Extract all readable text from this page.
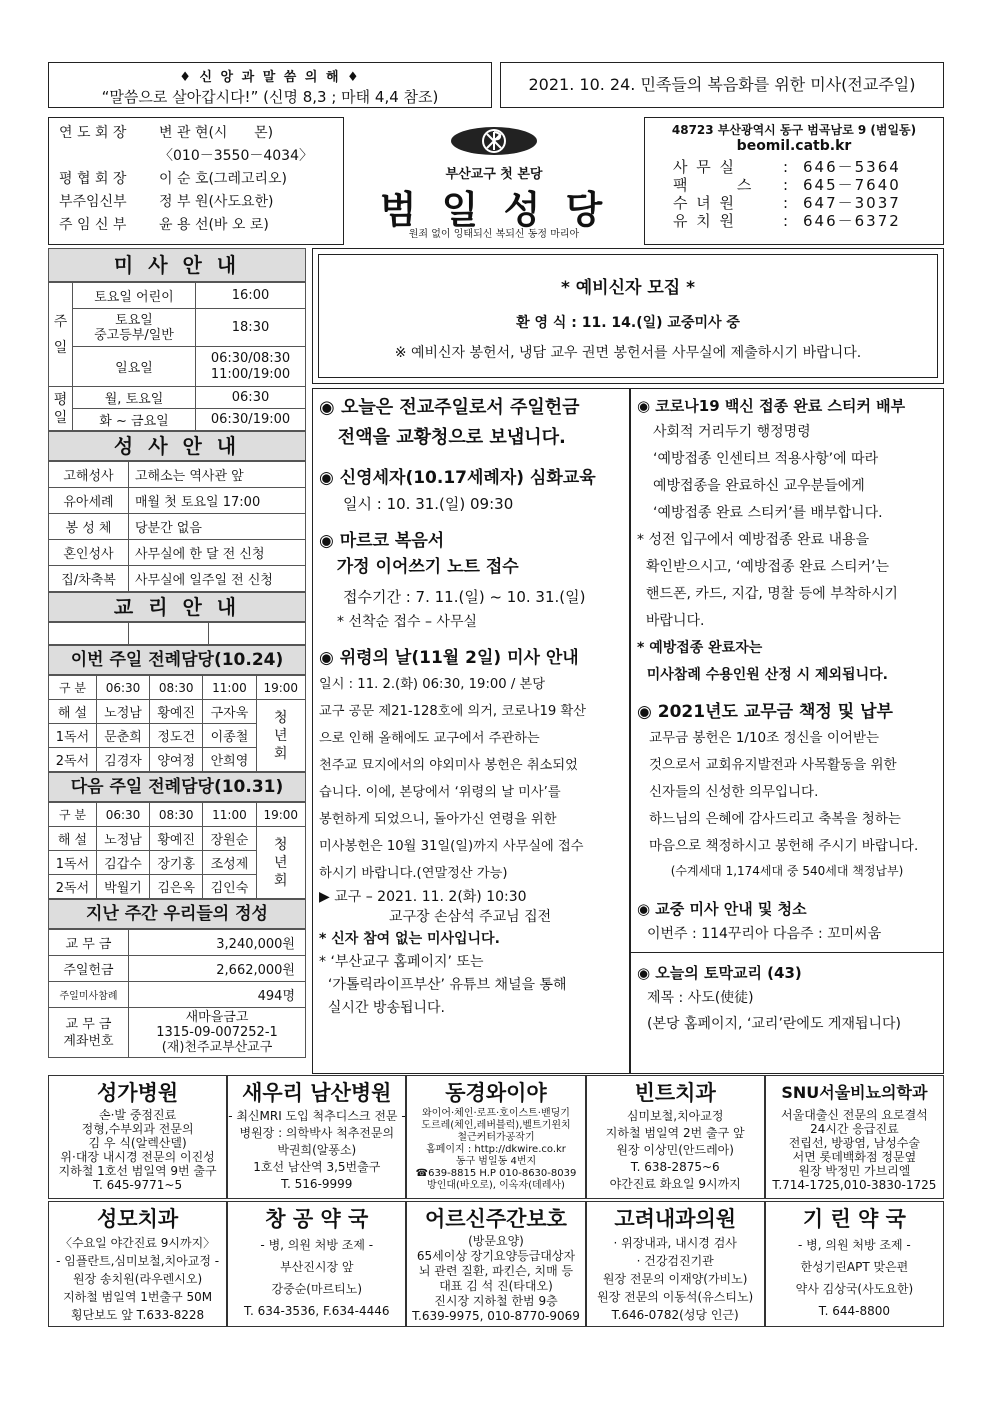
♦ 신 앙 과 말 씀 의 해 ♦
“말씀으로 살아갑시다!” (신명 8,3 ; 마태 4,4 참조)
2021. 10. 24. 민족들의 복음화를 위한 미사(전교주일)
연 도 회 장	변 관 현(시      몬)
〈010－3550－4034〉
평 협 회 장	이 순 호(그레고리오)
부주임신부	정 부 원(사도요한)
주 임 신 부	윤 용 선(바 오 로)
부산교구 첫 본당
범 일 성 당
원죄 없이 잉태되신 복되신 동정 마리아
48723 부산광역시 동구 범곡남로 9 (범일동)
beomil.catb.kr
사 무 실	: 646－5364
팩       스	: 645－7640
수 녀 원	: 647－3037
유 치 원	: 646－6372
미 사 안 내
주 일	토요일 어린이	16:00
	토요일
중고등부/일반	18:30
	일요일	06:30/08:30
11:00/19:00
평 일	월, 토요일	06:30
	화 ~ 금요일	06:30/19:00
성 사 안 내
고해성사	고해소는 역사관 앞
유아세례	매월 첫 토요일 17:00
봉 성 체	당분간 없음
혼인성사	사무실에 한 달 전 신청
집/차축복	사무실에 일주일 전 신청
교 리 안 내

이번 주일 전례담당(10.24)
구 분	06:30	08:30	11:00	19:00
해 설	노정남	황예진	구자욱	청
년
회
1독서	문춘희	정도건	이종철	
2독서	김경자	양여정	안희영	
다음 주일 전례담당(10.31)
구 분	06:30	08:30	11:00	19:00
해 설	노정남	황예진	장원순	청
년
회
1독서	김갑수	장기홍	조성제	
2독서	박월기	김은옥	김인숙	
지난 주간 우리들의 정성
교 무 금	3,240,000원
주일헌금	2,662,000원
주일미사참례	494명
교 무 금
계좌번호	새마을금고
1315-09-007252-1
(재)천주교부산교구
* 예비신자 모집 *
환 영 식 : 11. 14.(일) 교중미사 중
※ 예비신자 봉헌서, 냉담 교우 권면 봉헌서를 사무실에 제출하시기 바랍니다.
◉ 오늘은 전교주일로서 주일헌금
전액을 교황청으로 보냅니다.
◉ 신영세자(10.17세례자) 심화교육
일시 : 10. 31.(일) 09:30
◉ 마르코 복음서
가정 이어쓰기 노트 접수
접수기간 : 7. 11.(일) ~ 10. 31.(일)
* 선착순 접수 – 사무실
◉ 위령의 날(11월 2일) 미사 안내
일시 : 11. 2.(화) 06:30, 19:00 / 본당
교구 공문 제21-128호에 의거, 코로나19 확산
으로 인해 올해에도 교구에서 주관하는
천주교 묘지에서의 야외미사 봉헌은 취소되었
습니다. 이에, 본당에서 ‘위령의 날 미사’를
봉헌하게 되었으니, 돌아가신 연령을 위한
미사봉헌은 10월 31일(일)까지 사무실에 접수
하시기 바랍니다.(연말정산 가능)
▶ 교구 – 2021. 11. 2(화) 10:30
교구장 손삼석 주교님 집전
* 신자 참여 없는 미사입니다.
* ‘부산교구 홈페이지’ 또는
‘가톨릭라이프부산’ 유튜브 채널을 통해
실시간 방송됩니다.
◉ 코로나19 백신 접종 완료 스티커 배부
사회적 거리두기 행정명령
‘예방접종 인센티브 적용사항’에 따라
예방접종을 완료하신 교우분들에게
‘예방접종 완료 스티커’를 배부합니다.
* 성전 입구에서 예방접종 완료 내용을
확인받으시고, ‘예방접종 완료 스티커’는
핸드폰, 카드, 지갑, 명찰 등에 부착하시기
바랍니다.
* 예방접종 완료자는
미사참례 수용인원 산정 시 제외됩니다.
◉ 2021년도 교무금 책정 및 납부
교무금 봉헌은 1/10조 정신을 이어받는
것으로서 교회유지발전과 사목활동을 위한
신자들의 신성한 의무입니다.
하느님의 은혜에 감사드리고 축복을 청하는
마음으로 책정하시고 봉헌해 주시기 바랍니다.
(수계세대 1,174세대 중 540세대 책정납부)
◉ 교중 미사 안내 및 청소
이번주 : 114꾸리아 다음주 : 꼬미씨움
◉ 오늘의 토막교리 (43)
제목 : 사도(使徒)
(본당 홈페이지, ‘교리’란에도 게재됩니다)
성가병원
손·발 중점진료
정형,수부외과 전문의
김 우 식(알렉산델)
위·대장 내시경 전문의 이진성
지하철 1호선 범일역 9번 출구
T. 645-9771~5
새우리 남산병원
- 최신MRI 도입 척추디스크 전문 -
병원장 : 의학박사 척추전문의
박권희(알퐁소)
1호선 남산역 3,5번출구
T. 516-9999
동경와이야
와이어·체인·로프·호이스트·밴딩기
도르레(체인,레버블럭),벨트기윈치
철근커터가공작기
홈페이지 : http://dkwire.co.kr
동구 범일동 4번지
☎639-8815 H.P 010-8630-8039
방인대(바오로), 이옥자(데레사)
빈트치과
심미보철,치아교정
지하철 범일역 2번 출구 앞
원장 이상민(안드레아)
T. 638-2875~6
야간진료 화요일 9시까지
SNU서울비뇨의학과
서울대출신 전문의 요로결석
24시간 응급진료
전립선, 방광염, 남성수술
서면 롯데백화점 정문옆
원장 박정민 가브리엘
T.714-1725,010-3830-1725
성모치과
〈수요일 야간진료 9시까지〉
- 임플란트,심미보철,치아교정 -
원장 송치원(라우렌시오)
지하철 범일역 1번출구 50M
횡단보도 앞 T.633-8228
창 공 약 국
- 병, 의원 처방 조제 -
부산진시장 앞
강중순(마르티노)
T. 634-3536, F.634-4446
어르신주간보호
(방문요양)
65세이상 장기요양등급대상자
뇌 관련 질환, 파킨슨, 치매 등
대표 김 석 진(타대오)
진시장 지하철 한범 9층
T.639-9975, 010-8770-9069
고려내과의원
· 위장내과, 내시경 검사
· 건강검진기관
원장 전문의 이재양(가비노)
원장 전문의 이동석(유스티노)
T.646-0782(성당 인근)
기 린 약 국
- 병, 의원 처방 조제 -
한성기린APT 맞은편
약사 김상국(사도요한)
T. 644-8800
